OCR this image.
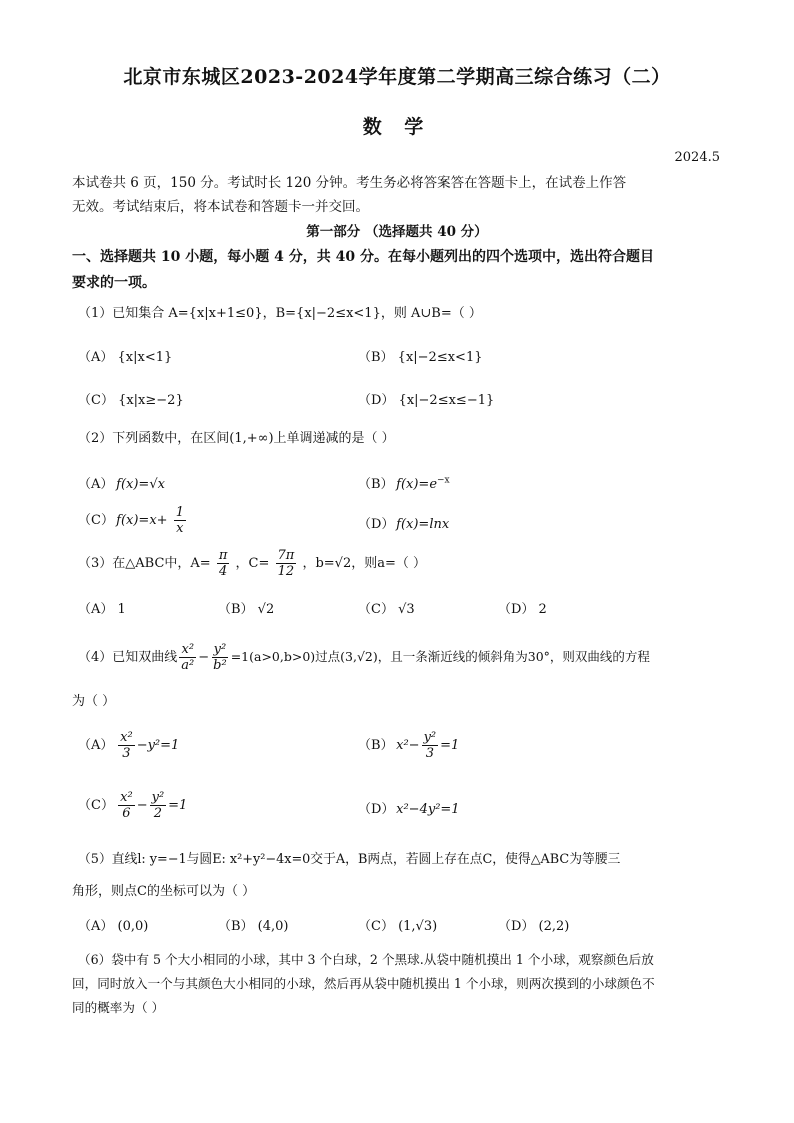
北京市东城区2023-2024学年度第二学期高三综合练习（二）
数 学
2024.5
本试卷共 6 页，150 分。考试时长 120 分钟。考生务必将答案答在答题卡上，在试卷上作答
无效。考试结束后，将本试卷和答题卡一并交回。
第一部分 （选择题共 40 分）
一、选择题共 10 小题，每小题 4 分，共 40 分。在每小题列出的四个选项中，选出符合题目
要求的一项。
（1）已知集合 A={x|x+1≤0}，B={x|−2≤x<1}，则 A∪B=（ ）
（A） {x|x<1}	（B） {x|−2≤x<1}
（C） {x|x≥−2}	（D） {x|−2≤x≤−1}
（2）下列函数中，在区间(1,+∞)上单调递减的是（ ）
（A） f(x)=√x	（B） $f(x)=e^{-x}$
（C） $f(x)=x+ \frac{1}{x}$	（D） f(x)=lnx
（3）在△ABC中，$A= \frac{\pi}{4}$ ，$C= \frac{7\pi}{12}$ ，b=√2，则a=（ ）
（A） 1	（B） √2	（C） √3	（D） 2
（4）已知双曲线 $\frac{\text{x²}}{\text{a²}} - \frac{\text{y²}}{\text{b²}} =1(a>0,b>0)$过点(3,√2)，且一条渐近线的倾斜角为30°，则双曲线的方程
为（ ）
$(A) \frac{\text{x²}}{3} -y^2=1$	（B） $x^2- \frac{\text{y²}}{3} =1$
$(C) \frac{\text{x²}}{6} - \frac{\text{y²}}{2} =1$	（D） x²−4y²=1
（5）直线l: y=−1与圆E: x²+y²−4x=0交于A，B两点，若圆上存在点C，使得△ABC为等腰三
角形，则点C的坐标可以为（ ）
（A） (0,0)	（B） (4,0)	（C） (1,√3)	（D） (2,2)
（6）袋中有 5 个大小相同的小球，其中 3 个白球，2 个黑球.从袋中随机摸出 1 个小球，观察颜色后放
回，同时放入一个与其颜色大小相同的小球，然后再从袋中随机摸出 1 个小球，则两次摸到的小球颜色不
同的概率为（ ）
